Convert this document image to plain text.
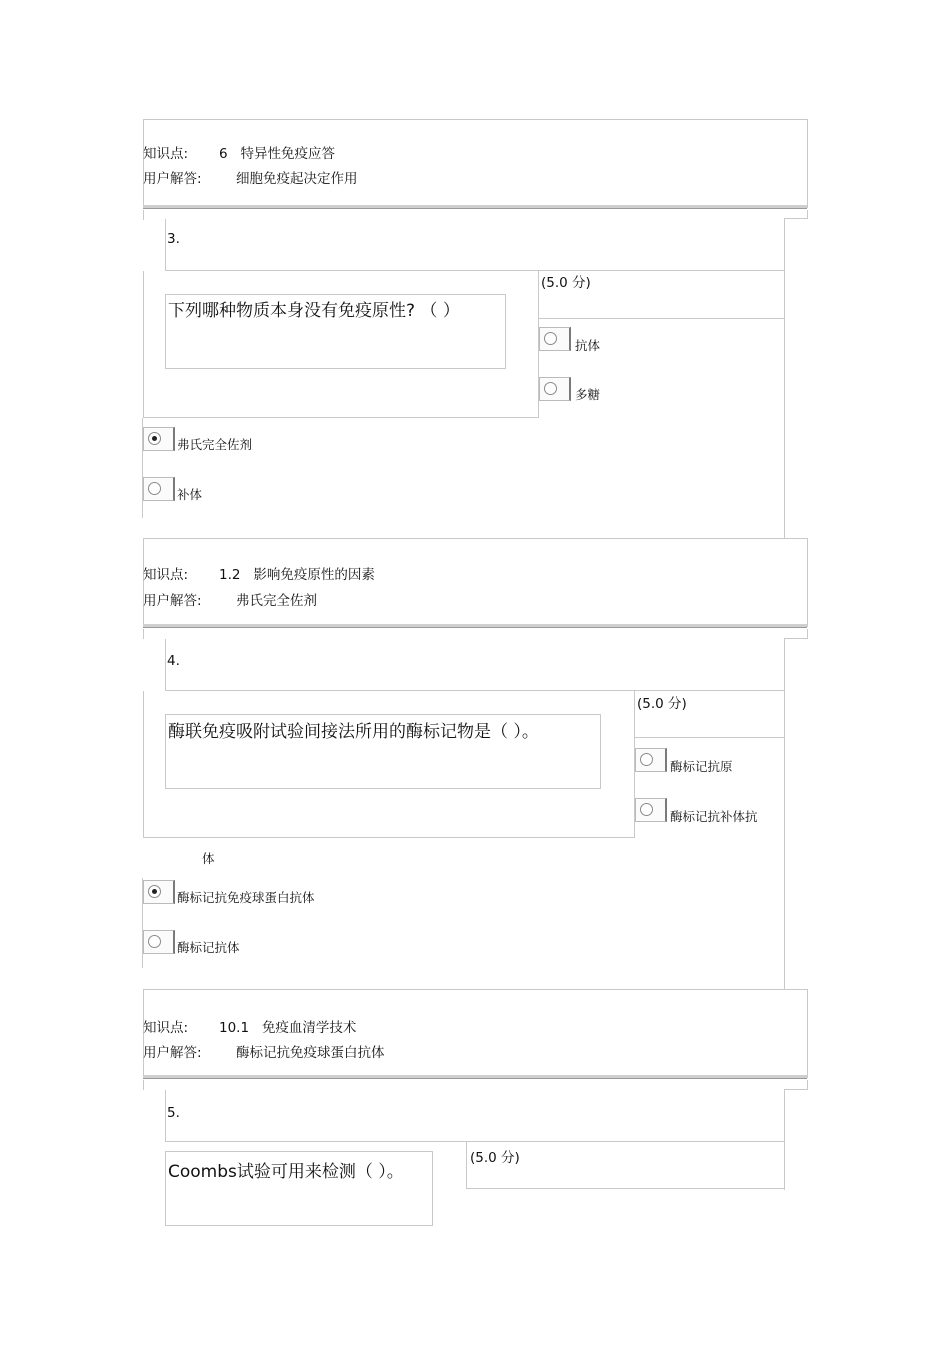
知识点: 6 特异性免疫应答
用户解答:	细胞免疫起决定作用
3.
(5.0 分)
下列哪种物质本身没有免疫原性? （ ）
抗体
多糖
弗氏完全佐剂
补体
知识点: 1.2 影响免疫原性的因素
用户解答:	弗氏完全佐剂
4.
(5.0 分)
酶联免疫吸附试验间接法所用的酶标记物是（ ）。
酶标记抗原
酶标记抗补体抗
体
酶标记抗免疫球蛋白抗体
酶标记抗体
知识点: 10.1 免疫血清学技术
用户解答:	酶标记抗免疫球蛋白抗体
5.
(5.0 分)
Coombs试验可用来检测（ ）。
